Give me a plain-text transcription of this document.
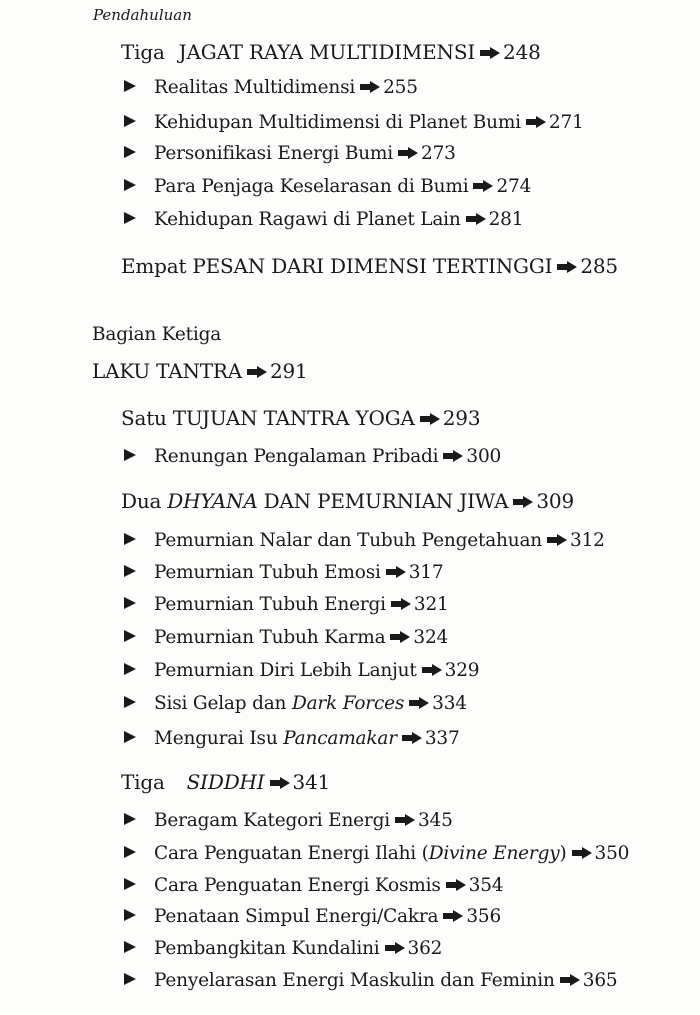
Pendahuluan
Tiga JAGAT RAYA MULTIDIMENSI 248
Realitas Multidimensi 255
Kehidupan Multidimensi di Planet Bumi 271
Personifikasi Energi Bumi 273
Para Penjaga Keselarasan di Bumi 274
Kehidupan Ragawi di Planet Lain 281
Empat PESAN DARI DIMENSI TERTINGGI 285
Bagian Ketiga
LAKU TANTRA 291
Satu TUJUAN TANTRA YOGA 293
Renungan Pengalaman Pribadi 300
Dua DHYANA DAN PEMURNIAN JIWA 309
Pemurnian Nalar dan Tubuh Pengetahuan 312
Pemurnian Tubuh Emosi 317
Pemurnian Tubuh Energi 321
Pemurnian Tubuh Karma 324
Pemurnian Diri Lebih Lanjut 329
Sisi Gelap dan Dark Forces 334
Mengurai Isu Pancamakar 337
Tiga SIDDHI 341
Beragam Kategori Energi 345
Cara Penguatan Energi Ilahi (Divine Energy) 350
Cara Penguatan Energi Kosmis 354
Penataan Simpul Energi/Cakra 356
Pembangkitan Kundalini 362
Penyelarasan Energi Maskulin dan Feminin 365
